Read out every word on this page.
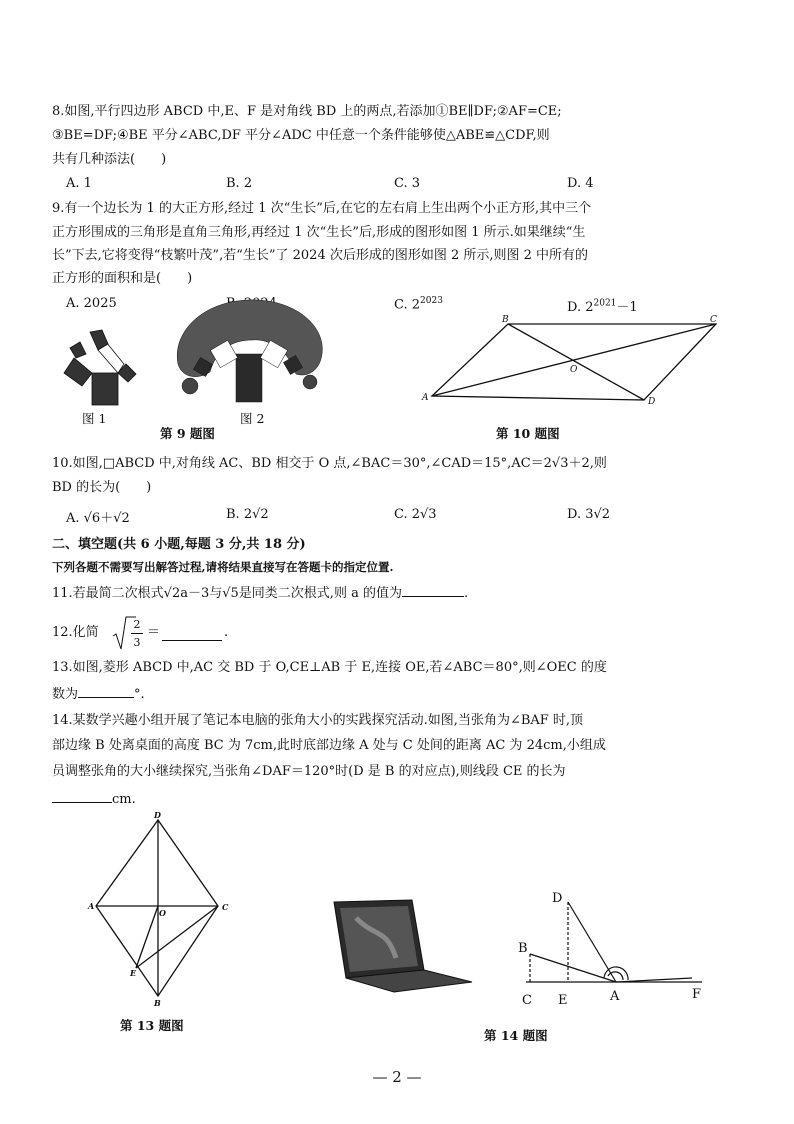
8.如图,平行四边形 ABCD 中,E、F 是对角线 BD 上的两点,若添加①BE∥DF;②AF=CE;
③BE=DF;④BE 平分∠ABC,DF 平分∠ADC 中任意一个条件能够使△ABE≌△CDF,则
共有几种添法(　　)
A. 1	B. 2	C. 3	D. 4
9.有一个边长为 1 的大正方形,经过 1 次“生长”后,在它的左右肩上生出两个小正方形,其中三个
正方形围成的三角形是直角三角形,再经过 1 次“生长”后,形成的图形如图 1 所示.如果继续“生
长”下去,它将变得“枝繁叶茂”,若“生长”了 2024 次后形成的图形如图 2 所示,则图 2 中所有的
正方形的面积和是(　　)
A. 2025	C. $2^{2023}$	D. $2^{2021}-1$
图 1	图 2
第 9 题图
A
B	C
D
O
第 10 题图
10.如图,□ABCD 中,对角线 AC、BD 相交于 O 点,∠BAC＝30°,∠CAD＝15°,AC＝2√3＋2,则
BD 的长为(　　)
A. √6＋√2	B. 2√2	C. 2√3	D. 3√2
二、填空题(共 6 小题,每题 3 分,共 18 分)
下列各题不需要写出解答过程,请将结果直接写在答题卡的指定位置.
11.若最简二次根式√2a－3与√5是同类二次根式,则 a 的值为	.
12.化简
2
3
＝	.
13.如图,菱形 ABCD 中,AC 交 BD 于 O,CE⊥AB 于 E,连接 OE,若∠ABC＝80°,则∠OEC 的度
数为	°.
14.某数学兴趣小组开展了笔记本电脑的张角大小的实践探究活动.如图,当张角为∠BAF 时,顶
部边缘 B 处离桌面的高度 BC 为 7cm,此时底部边缘 A 处与 C 处间的距离 AC 为 24cm,小组成
员调整张角的大小继续探究,当张角∠DAF＝120°时(D 是 B 的对应点),则线段 CE 的长为
cm.
D
A	C
B
O
E
第 13 题图
D
B
C E	A	F
第 14 题图
— 2 —
